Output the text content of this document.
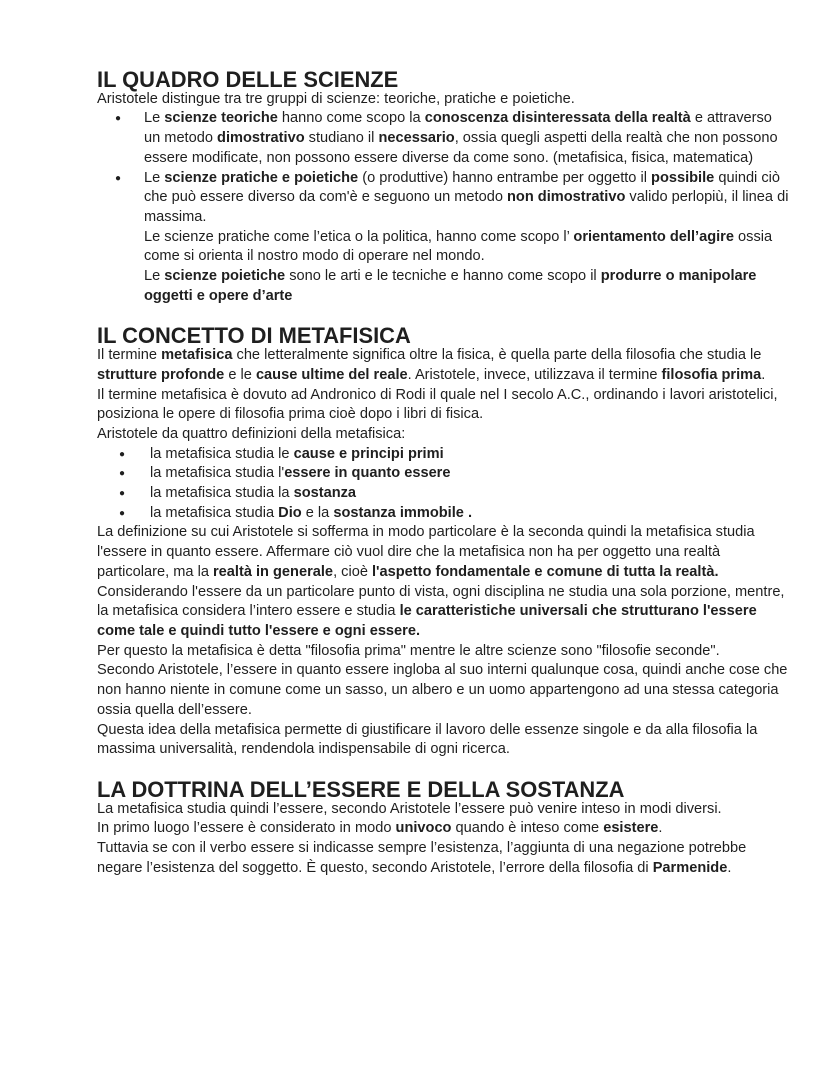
IL QUADRO DELLE SCIENZE

Aristotele distingue tra tre gruppi di scienze: teoriche, pratiche e poietiche.

● Le scienze teoriche hanno come scopo la conoscenza disinteressata della realtà e attraverso un metodo dimostrativo studiano il necessario, ossia quegli aspetti della realtà che non possono essere modificate, non possono essere diverse da come sono. (metafisica, fisica, matematica)
● Le scienze pratiche e poietiche (o produttive) hanno entrambe per oggetto il possibile quindi ciò che può essere diverso da com'è e seguono un metodo non dimostrativo valido perlopiù, il linea di massima.
Le scienze pratiche come l’etica o la politica, hanno come scopo l’ orientamento dell’agire ossia come si orienta il nostro modo di operare nel mondo.
Le scienze poietiche sono le arti e le tecniche e hanno come scopo il produrre o manipolare oggetti e opere d’arte
IL CONCETTO DI METAFISICA

Il termine metafisica che letteralmente significa oltre la fisica, è quella parte della filosofia che studia le strutture profonde e le cause ultime del reale. Aristotele, invece, utilizzava il termine filosofia prima.

Il termine metafisica è dovuto ad Andronico di Rodi il quale nel I secolo A.C., ordinando i lavori aristotelici, posiziona le opere di filosofia prima cioè dopo i libri di fisica.

Aristotele da quattro definizioni della metafisica:

● la metafisica studia le cause e principi primi
● la metafisica studia l'essere in quanto essere
● la metafisica studia la sostanza
● la metafisica studia Dio e la sostanza immobile .

La definizione su cui Aristotele si sofferma in modo particolare è la seconda quindi la metafisica studia l'essere in quanto essere. Affermare ciò vuol dire che la metafisica non ha per oggetto una realtà particolare, ma la realtà in generale, cioè l'aspetto fondamentale e comune di tutta la realtà.

Considerando l'essere da un particolare punto di vista, ogni disciplina ne studia una sola porzione, mentre, la metafisica considera l’intero essere e studia le caratteristiche universali che strutturano l'essere come tale e quindi tutto l'essere e ogni essere.

Per questo la metafisica è detta "filosofia prima" mentre le altre scienze sono "filosofie seconde".

Secondo Aristotele, l’essere in quanto essere ingloba al suo interni qualunque cosa, quindi anche cose che non hanno niente in comune come un sasso, un albero e un uomo appartengono ad una stessa categoria ossia quella dell’essere.

Questa idea della metafisica permette di giustificare il lavoro delle essenze singole e da alla filosofia la massima universalità, rendendola indispensabile di ogni ricerca.

LA DOTTRINA DELL’ESSERE E DELLA SOSTANZA

La metafisica studia quindi l’essere, secondo Aristotele l’essere può venire inteso in modi diversi.

In primo luogo l’essere è considerato in modo univoco quando è inteso come esistere.

Tuttavia se con il verbo essere si indicasse sempre l’esistenza, l’aggiunta di una negazione potrebbe negare l’esistenza del soggetto. È questo, secondo Aristotele, l’errore della filosofia di Parmenide.
